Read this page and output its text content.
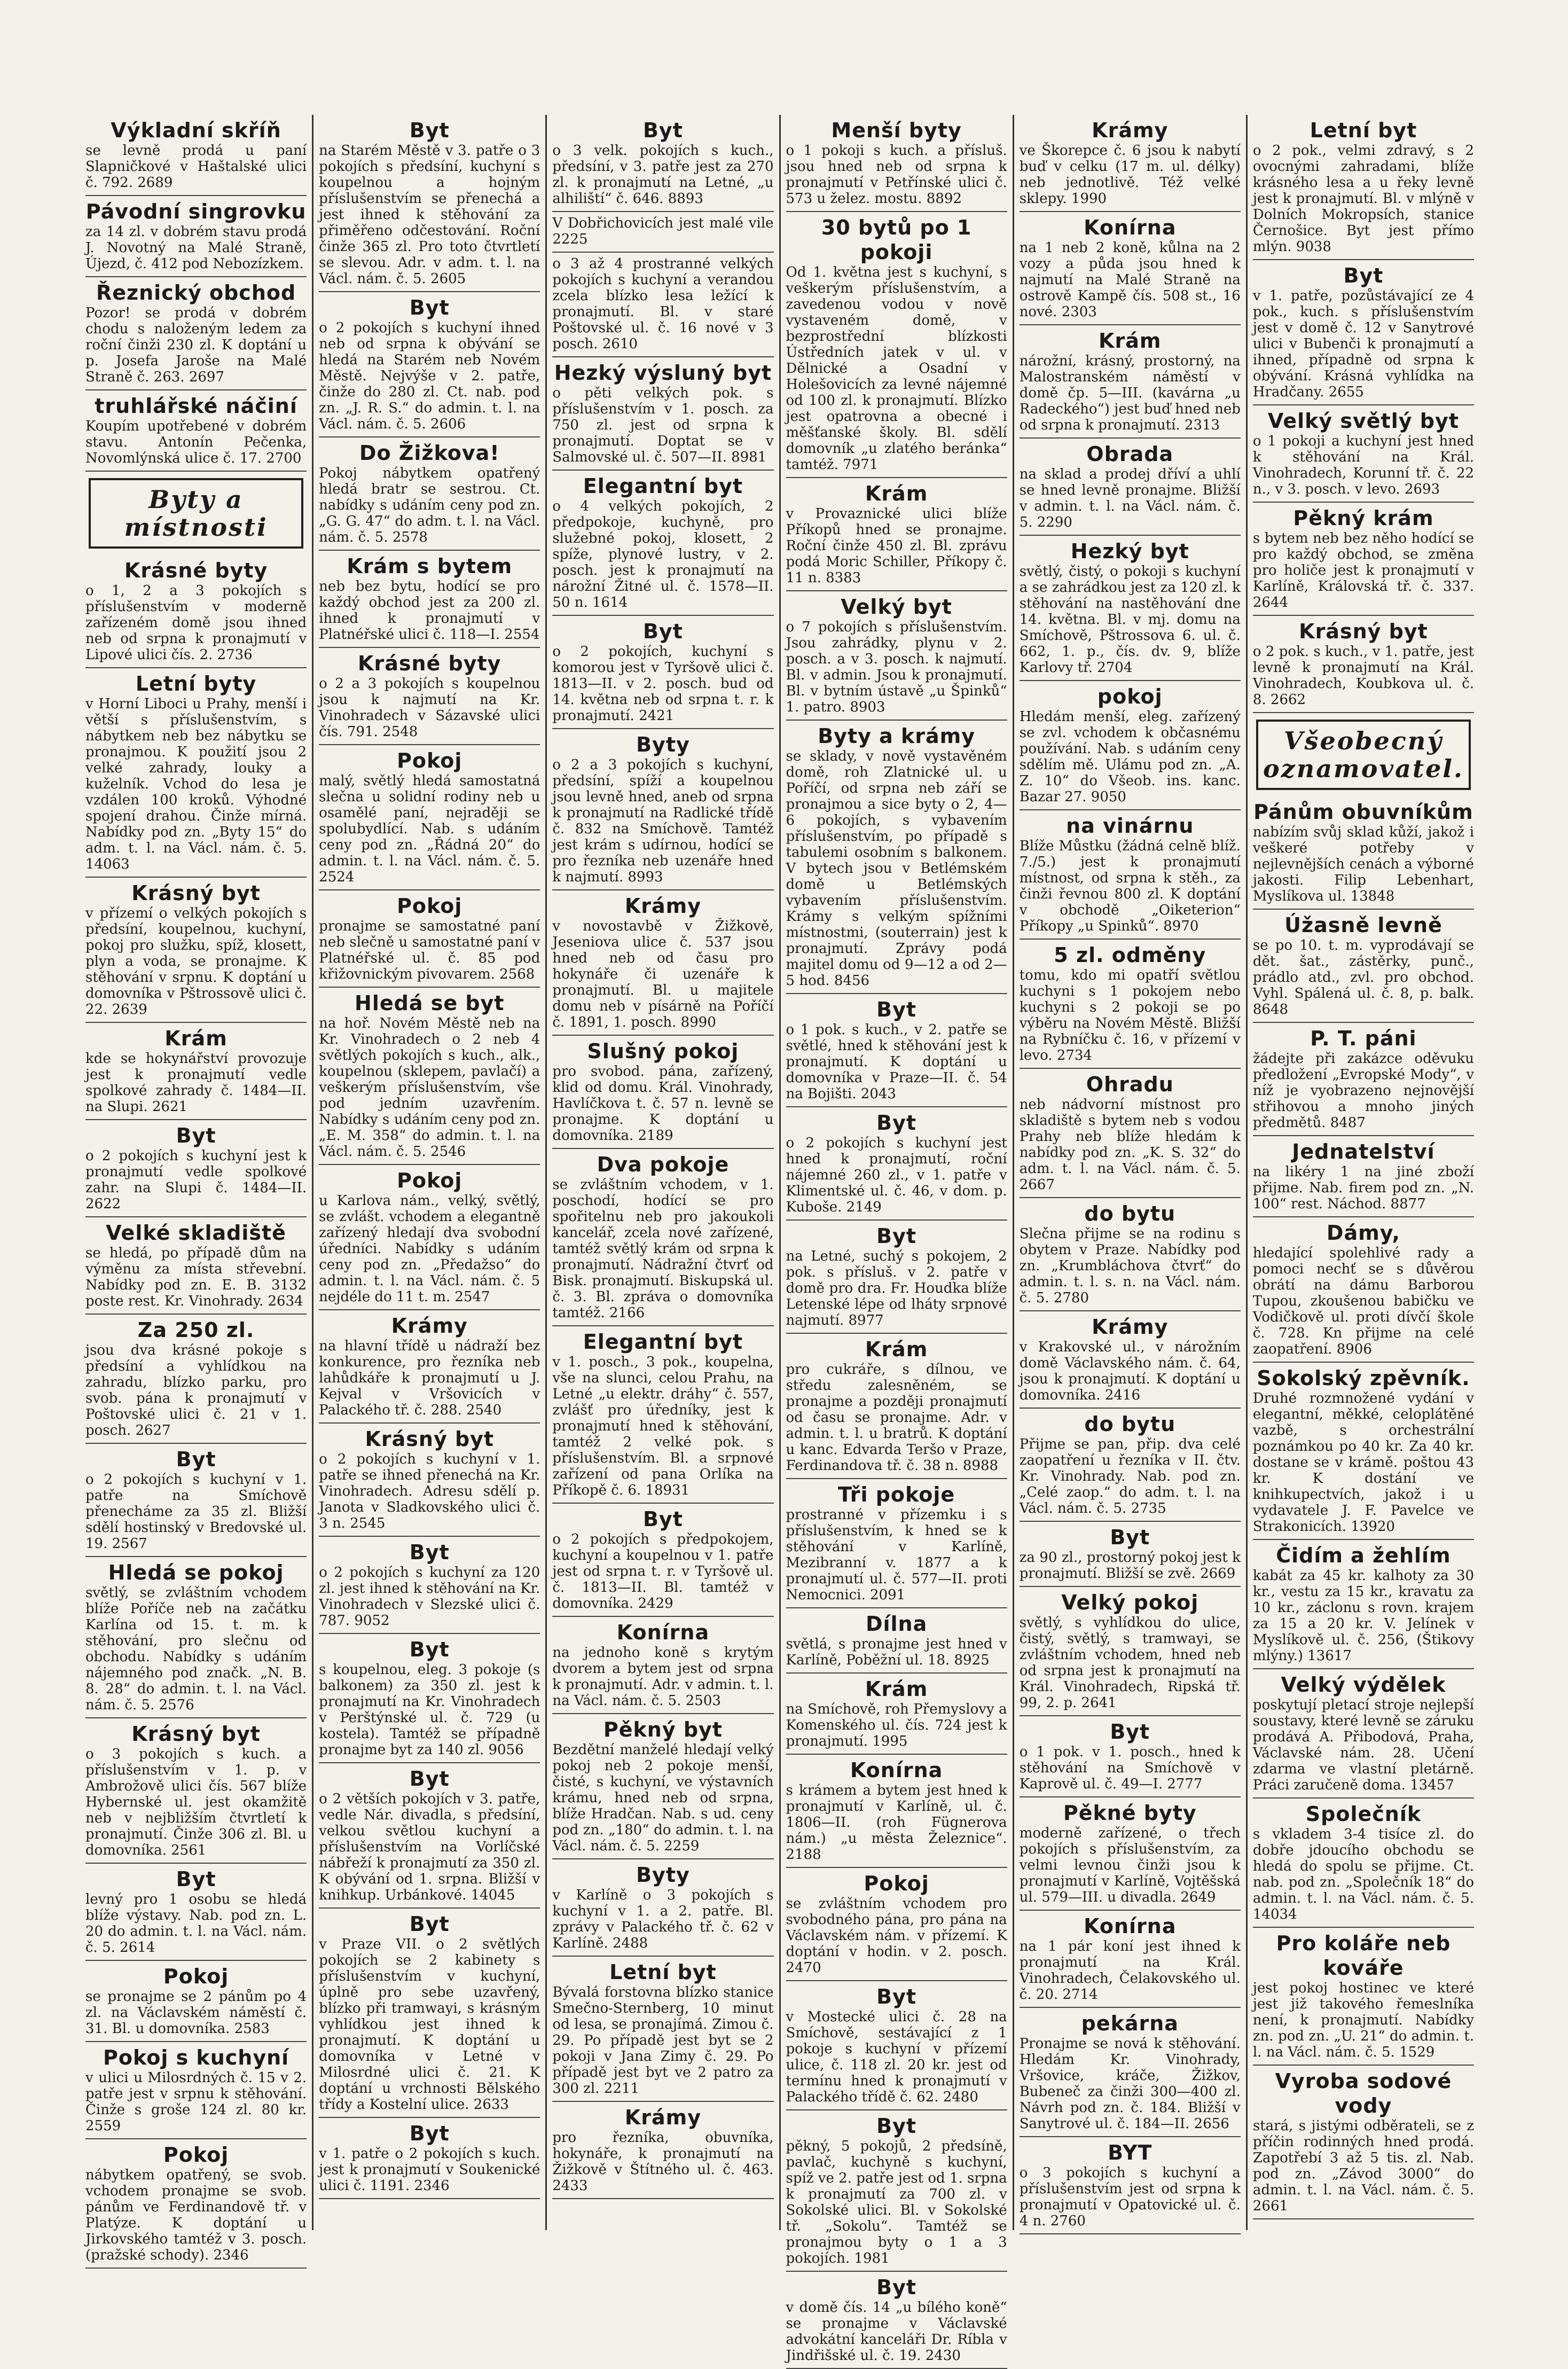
Výkladní skříň
se levně prodá u paní Slapničkové v Haštalské ulici č. 792. 2689
Pávodní singrovku
za 14 zl. v dobrém stavu prodá J. Novotný na Malé Straně, Újezd, č. 412 pod Nebozízkem.
Řeznický obchod
Pozor! se prodá v dobrém chodu s naloženým ledem za roční činži 230 zl. K doptání u p. Josefa Jaroše na Malé Straně č. 263. 2697
truhlářské náčiní
Koupím upotřebené v dobrém stavu. Antonín Pečenka, Novomlýnská ulice č. 17. 2700
Byty a místnosti
Krásné byty
o 1, 2 a 3 pokojích s příslušenstvím v moderně zařízeném domě jsou ihned neb od srpna k pronajmutí v Lipové ulici čís. 2. 2736
Letní byty
v Horní Liboci u Prahy, menší i větší s příslušenstvím, s nábytkem neb bez nábytku se pronajmou. K použití jsou 2 velké zahrady, louky a kuželník. Vchod do lesa je vzdálen 100 kroků. Výhodné spojení drahou. Činže mírná. Nabídky pod zn. „Byty 15“ do adm. t. l. na Václ. nám. č. 5. 14063
Krásný byt
v přízemí o velkých pokojích s předsíní, koupelnou, kuchyní, pokoj pro služku, spíž, klosett, plyn a voda, se pronajme. K stěhování v srpnu. K doptání u domovníka v Pštrossově ulici č. 22. 2639
Krám
kde se hokynářství provozuje jest k pronajmutí vedle spolkové zahrady č. 1484—II. na Slupi. 2621
Byt
o 2 pokojích s kuchyní jest k pronajmutí vedle spolkové zahr. na Slupi č. 1484—II. 2622
Velké skladiště
se hledá, po případě dům na výměnu za místa střevební. Nabídky pod zn. E. B. 3132 poste rest. Kr. Vinohrady. 2634
Za 250 zl.
jsou dva krásné pokoje s předsíní a vyhlídkou na zahradu, blízko parku, pro svob. pána k pronajmutí v Poštovské ulici č. 21 v 1. posch. 2627
Byt
o 2 pokojích s kuchyní v 1. patře na Smíchově přenecháme za 35 zl. Bližší sdělí hostinský v Bredovské ul. 19. 2567
Hledá se pokoj
světlý, se zvláštním vchodem blíže Poříče neb na začátku Karlína od 15. t. m. k stěhování, pro slečnu od obchodu. Nabídky s udáním nájemného pod značk. „N. B. 8. 28“ do admin. t. l. na Václ. nám. č. 5. 2576
Krásný byt
o 3 pokojích s kuch. a příslušenstvím v 1. p. v Ambrožově ulici čís. 567 blíže Hybernské ul. jest okamžitě neb v nejbližším čtvrtletí k pronajmutí. Činže 306 zl. Bl. u domovníka. 2561
Byt
levný pro 1 osobu se hledá blíže výstavy. Nab. pod zn. L. 20 do admin. t. l. na Václ. nám. č. 5. 2614
Pokoj
se pronajme se 2 pánům po 4 zl. na Václavském náměstí č. 31. Bl. u domovníka. 2583
Pokoj s kuchyní
v ulici u Milosrdných č. 15 v 2. patře jest v srpnu k stěhování. Činže s groše 124 zl. 80 kr. 2559
Pokoj
nábytkem opatřený, se svob. vchodem pronajme se svob. pánům ve Ferdinandově tř. v Platýze. K doptání u Jirkovského tamtéž v 3. posch. (pražské schody). 2346
Byt
na Starém Městě v 3. patře o 3 pokojích s předsíní, kuchyní s koupelnou a hojným příslušenstvím se přenechá a jest ihned k stěhování za přiměřeno odčestování. Roční činže 365 zl. Pro toto čtvrtletí se slevou. Adr. v adm. t. l. na Václ. nám. č. 5. 2605
Byt
o 2 pokojích s kuchyní ihned neb od srpna k obývání se hledá na Starém neb Novém Městě. Nejvýše v 2. patře, činže do 280 zl. Ct. nab. pod zn. „J. R. S.“ do admin. t. l. na Václ. nám. č. 5. 2606
Do Žižkova!
Pokoj nábytkem opatřený hledá bratr se sestrou. Ct. nabídky s udáním ceny pod zn. „G. G. 47“ do adm. t. l. na Václ. nám. č. 5. 2578
Krám s bytem
neb bez bytu, hodící se pro každý obchod jest za 200 zl. ihned k pronajmutí v Platnéřské ulici č. 118—I. 2554
Krásné byty
o 2 a 3 pokojích s koupelnou jsou k najmutí na Kr. Vinohradech v Sázavské ulici čís. 791. 2548
Pokoj
malý, světlý hledá samostatná slečna u solidní rodiny neb u osamělé paní, nejraději se spolubydlící. Nab. s udáním ceny pod zn. „Řádná 20“ do admin. t. l. na Václ. nám. č. 5. 2524
Pokoj
pronajme se samostatné paní neb slečně u samostatné paní v Platnéřské ul. č. 85 pod křižovnickým pivovarem. 2568
Hledá se byt
na hoř. Novém Městě neb na Kr. Vinohradech o 2 neb 4 světlých pokojích s kuch., alk., koupelnou (sklepem, pavlačí) a veškerým příslušenstvím, vše pod jedním uzavřením. Nabídky s udáním ceny pod zn. „E. M. 358“ do admin. t. l. na Václ. nám. č. 5. 2546
Pokoj
u Karlova nám., velký, světlý, se zvlášt. vchodem a elegantně zařízený hledají dva svobodní úředníci. Nabídky s udáním ceny pod zn. „Předažso“ do admin. t. l. na Václ. nám. č. 5 nejdéle do 11 t. m. 2547
Krámy
na hlavní třídě u nádraží bez konkurence, pro řezníka neb lahůdkáře k pronajmutí u J. Kejval v Vršovicích v Palackého tř. č. 288. 2540
Krásný byt
o 2 pokojích s kuchyní v 1. patře se ihned přenechá na Kr. Vinohradech. Adresu sdělí p. Janota v Sladkovského ulici č. 3 n. 2545
Byt
o 2 pokojích s kuchyní za 120 zl. jest ihned k stěhování na Kr. Vinohradech v Slezské ulici č. 787. 9052
Byt
s koupelnou, eleg. 3 pokoje (s balkonem) za 350 zl. jest k pronajmutí na Kr. Vinohradech v Perštýnské ul. č. 729 (u kostela). Tamtéž se případně pronajme byt za 140 zl. 9056
Byt
o 2 větších pokojích v 3. patře, vedle Nár. divadla, s předsíní, velkou světlou kuchyní a příslušenstvím na Vorlíčské nábřeží k pronajmutí za 350 zl. K obývání od 1. srpna. Bližší v knihkup. Urbánkové. 14045
Byt
v Praze VII. o 2 světlých pokojích se 2 kabinety s příslušenstvím v kuchyní, úplně pro sebe uzavřený, blízko při tramwayi, s krásným vyhlídkou jest ihned k pronajmutí. K doptání u domovníka v Letné v Milosrdné ulici č. 21. K doptání u vrchnosti Bělského třídy a Kostelní ulice. 2633
Byt
v 1. patře o 2 pokojích s kuch. jest k pronajmutí v Soukenické ulici č. 1191. 2346
Byt
o 3 velk. pokojích s kuch., předsíní, v 3. patře jest za 270 zl. k pronajmutí na Letné, „u alhiliští“ č. 646. 8893
V Dobřichovicích jest malé vile 2225
o 3 až 4 prostranné velkých pokojích s kuchyní a verandou zcela blízko lesa ležící k pronajmutí. Bl. v staré Poštovské ul. č. 16 nové v 3 posch. 2610
Hezký výsluný byt
o pěti velkých pok. s příslušenstvím v 1. posch. za 750 zl. jest od srpna k pronajmutí. Doptat se v Salmovské ul. č. 507—II. 8981
Elegantní byt
o 4 velkých pokojích, 2 předpokoje, kuchyně, pro služebné pokoj, klosett, 2 spíže, plynové lustry, v 2. posch. jest k pronajmutí na nárožní Žitné ul. č. 1578—II. 50 n. 1614
Byt
o 2 pokojích, kuchyní s komorou jest v Tyršově ulici č. 1813—II. v 2. posch. bud od 14. května neb od srpna t. r. k pronajmutí. 2421
Byty
o 2 a 3 pokojích s kuchyní, předsíní, spíží a koupelnou jsou levně hned, aneb od srpna k pronajmutí na Radlické třídě č. 832 na Smíchově. Tamtéž jest krám s udírnou, hodící se pro řezníka neb uzenáře hned k najmutí. 8993
Krámy
v novostavbě v Žižkově, Jeseniova ulice č. 537 jsou hned neb od času pro hokynáře či uzenáře k pronajmutí. Bl. u majitele domu neb v písárně na Poříčí č. 1891, 1. posch. 8990
Slušný pokoj
pro svobod. pána, zařízený, klid od domu. Král. Vinohrady, Havlíčkova t. č. 57 n. levně se pronajme. K doptání u domovníka. 2189
Dva pokoje
se zvláštním vchodem, v 1. poschodí, hodící se pro spořitelnu neb pro jakoukoli kancelář, zcela nové zařízené, tamtéž světlý krám od srpna k pronajmutí. Nádražní čtvrť od Bisk. pronajmutí. Biskupská ul. č. 3. Bl. zpráva o domovníka tamtéž. 2166
Elegantní byt
v 1. posch., 3 pok., koupelna, vše na slunci, celou Prahu, na Letné „u elektr. dráhy“ č. 557, zvlášť pro úředníky, jest k pronajmutí hned k stěhování, tamtéž 2 velké pok. s příslušenstvím. Bl. a srpnové zařízení od pana Orlíka na Příkopě č. 6. 18931
Byt
o 2 pokojích s předpokojem, kuchyní a koupelnou v 1. patře jest od srpna t. r. v Tyršově ul. č. 1813—II. Bl. tamtéž v domovníka. 2429
Konírna
na jednoho koně s krytým dvorem a bytem jest od srpna k pronajmutí. Adr. v admin. t. l. na Václ. nám. č. 5. 2503
Pěkný byt
Bezdětní manželé hledají velký pokoj neb 2 pokoje menší, čisté, s kuchyní, ve výstavních krámu, hned neb od srpna, blíže Hradčan. Nab. s ud. ceny pod zn. „180“ do admin. t. l. na Václ. nám. č. 5. 2259
Byty
v Karlíně o 3 pokojích s kuchyní v 1. a 2. patře. Bl. zprávy v Palackého tř. č. 62 v Karlíně. 2488
Letní byt
Bývalá forstovna blízko stanice Smečno-Sternberg, 10 minut od lesa, se pronajímá. Zimou č. 29. Po případě jest byt se 2 pokoji v Jana Zimy č. 29. Po případě jest byt ve 2 patro za 300 zl. 2211
Krámy
pro řezníka, obuvníka, hokynáře, k pronajmutí na Žižkově v Štítného ul. č. 463. 2433
Menší byty
o 1 pokoji s kuch. a přísluš. jsou hned neb od srpna k pronajmutí v Petřínské ulici č. 573 u želez. mostu. 8892
30 bytů po 1 pokoji
Od 1. května jest s kuchyní, s veškerým příslušenstvím, a zavedenou vodou v nově vystaveném domě, v bezprostřední blízkosti Ústředních jatek v ul. v Dělnické a Osadní v Holešovicích za levné nájemné od 100 zl. k pronajmutí. Blízko jest opatrovna a obecné i měšťanské školy. Bl. sdělí domovník „u zlatého beránka“ tamtéž. 7971
Krám
v Provaznické ulici blíže Příkopů hned se pronajme. Roční činže 450 zl. Bl. zprávu podá Moric Schiller, Příkopy č. 11 n. 8383
Velký byt
o 7 pokojích s příslušenstvím. Jsou zahrádky, plynu v 2. posch. a v 3. posch. k najmutí. Bl. v admin. Jsou k pronajmutí. Bl. v bytním ústavě „u Špinků“ 1. patro. 8903
Byty a krámy
se sklady, v nově vystavěném domě, roh Zlatnické ul. u Poříčí, od srpna neb září se pronajmou a sice byty o 2, 4—6 pokojích, s vybavením příslušenstvím, po případě s tabulemi osobním s balkonem. V bytech jsou v Betlémském domě u Betlémských vybavením příslušenstvím. Krámy s velkým spížními místnostmi, (souterrain) jest k pronajmutí. Zprávy podá majitel domu od 9—12 a od 2—5 hod. 8456
Byt
o 1 pok. s kuch., v 2. patře se světlé, hned k stěhování jest k pronajmutí. K doptání u domovníka v Praze—II. č. 54 na Bojišti. 2043
Byt
o 2 pokojích s kuchyní jest hned k pronajmutí, roční nájemné 260 zl., v 1. patře v Klimentské ul. č. 46, v dom. p. Kuboše. 2149
Byt
na Letné, suchý s pokojem, 2 pok. s přísluš. v 2. patře v domě pro dra. Fr. Houdka blíže Letenské lépe od lháty srpnové najmutí. 8977
Krám
pro cukráře, s dílnou, ve středu zalesněném, se pronajme a později pronajmutí od času se pronajme. Adr. v admin. t. l. u bratrů. K doptání u kanc. Edvarda Teršo v Praze, Ferdinandova tř. č. 38 n. 8988
Tři pokoje
prostranné v přízemku i s příslušenstvím, k hned se k stěhování v Karlíně, Mezibranní v. 1877 a k pronajmutí ul. č. 577—II. proti Nemocnici. 2091
Dílna
světlá, s pronajme jest hned v Karlíně, Poběžní ul. 18. 8925
Krám
na Smíchově, roh Přemyslovy a Komenského ul. čís. 724 jest k pronajmutí. 1995
Konírna
s krámem a bytem jest hned k pronajmutí v Karlíně, ul. č. 1806—II. (roh Fügnerova nám.) „u města Železnice“. 2188
Pokoj
se zvláštním vchodem pro svobodného pána, pro pána na Václavském nám. v přízemí. K doptání v hodin. v 2. posch. 2470
Byt
v Mostecké ulici č. 28 na Smíchově, sestávající z 1 pokoje s kuchyní v přízemí ulice, č. 118 zl. 20 kr. jest od termínu hned k pronajmutí v Palackého třídě č. 62. 2480
Byt
pěkný, 5 pokojů, 2 předsíně, pavlač, kuchyně s kuchyní, spíž ve 2. patře jest od 1. srpna k pronajmutí za 700 zl. v Sokolské ulici. Bl. v Sokolské tř. „Sokolu“. Tamtéž se pronajmou byty o 1 a 3 pokojích. 1981
Byt
v domě čís. 14 „u bílého koně“ se pronajme v Václavské advokátní kanceláři Dr. Ríbla v Jindřišské ul. č. 19. 2430
Krámy
ve Škorepce č. 6 jsou k nabytí buď v celku (17 m. ul. délky) neb jednotlivě. Též velké sklepy. 1990
Konírna
na 1 neb 2 koně, kůlna na 2 vozy a půda jsou hned k najmutí na Malé Straně na ostrově Kampě čís. 508 st., 16 nové. 2303
Krám
nárožní, krásný, prostorný, na Malostranském náměstí v domě čp. 5—III. (kavárna „u Radeckého“) jest buď hned neb od srpna k pronajmutí. 2313
Obrada
na sklad a prodej dříví a uhlí se hned levně pronajme. Bližší v admin. t. l. na Václ. nám. č. 5. 2290
Hezký byt
světlý, čistý, o pokoji s kuchyní a se zahrádkou jest za 120 zl. k stěhování na nastěhování dne 14. května. Bl. v mj. domu na Smíchově, Pštrossova 6. ul. č. 662, 1. p., čís. dv. 9, blíže Karlovy tř. 2704
pokoj
Hledám menší, eleg. zařízený se zvl. vchodem k občasnému používání. Nab. s udáním ceny sdělím mě. Ulámu pod zn. „A. Z. 10“ do Všeob. ins. kanc. Bazar 27. 9050
na vinárnu
Blíže Můstku (žádná celně blíž. 7./5.) jest k pronajmutí místnost, od srpna k stěh., za činži řevnou 800 zl. K doptání v obchodě „Oiketerion“ Příkopy „u Spinků“. 8970
5 zl. odměny
tomu, kdo mi opatří světlou kuchyni s 1 pokojem nebo kuchyni s 2 pokoji se po výběru na Novém Městě. Bližší na Rybníčku č. 16, v přízemí v levo. 2734
Ohradu
neb nádvorní místnost pro skladiště s bytem neb s vodou Prahy neb blíže hledám k nabídky pod zn. „K. S. 32“ do adm. t. l. na Václ. nám. č. 5. 2667
do bytu
Slečna přijme se na rodinu s obytem v Praze. Nabídky pod zn. „Krumbláchova čtvrť“ do admin. t. l. s. n. na Václ. nám. č. 5. 2780
Krámy
v Krakovské ul., v nárožním domě Václavského nám. č. 64, jsou k pronajmutí. K doptání u domovníka. 2416
do bytu
Přijme se pan, přip. dva celé zaopatření u řezníka v II. čtv. Kr. Vinohrady. Nab. pod zn. „Celé zaop.“ do adm. t. l. na Václ. nám. č. 5. 2735
Byt
za 90 zl., prostorný pokoj jest k pronajmutí. Bližší se zvě. 2669
Velký pokoj
světlý, s vyhlídkou do ulice, čistý, světlý, s tramwayi, se zvláštním vchodem, hned neb od srpna jest k pronajmutí na Král. Vinohradech, Ripská tř. 99, 2. p. 2641
Byt
o 1 pok. v 1. posch., hned k stěhování na Smíchově v Kaprově ul. č. 49—I. 2777
Pěkné byty
moderně zařízené, o třech pokojích s příslušenstvím, za velmi levnou činži jsou k pronajmutí v Karlíně, Vojtěšská ul. 579—III. u divadla. 2649
Konírna
na 1 pár koní jest ihned k pronajmutí na Král. Vinohradech, Čelakovského ul. č. 20. 2714
pekárna
Pronajme se nová k stěhování. Hledám Kr. Vinohrady, Vršovice, kráče, Žižkov, Bubeneč za činži 300—400 zl. Návrh pod zn. č. 184. Bližší v Sanytrové ul. č. 184—II. 2656
BYT
o 3 pokojích s kuchyní a příslušenstvím jest od srpna k pronajmutí v Opatovické ul. č. 4 n. 2760
Letní byt
o 2 pok., velmi zdravý, s 2 ovocnými zahradami, blíže krásného lesa a u řeky levně jest k pronajmutí. Bl. v mlýně v Dolních Mokropsích, stanice Černošice. Byt jest přímo mlýn. 9038
Byt
v 1. patře, pozůstávající ze 4 pok., kuch. s příslušenstvím jest v domě č. 12 v Sanytrové ulici v Bubenči k pronajmutí a ihned, případně od srpna k obývání. Krásná vyhlídka na Hradčany. 2655
Velký světlý byt
o 1 pokoji a kuchyní jest hned k stěhování na Král. Vinohradech, Korunní tř. č. 22 n., v 3. posch. v levo. 2693
Pěkný krám
s bytem neb bez něho hodící se pro každý obchod, se změna pro holiče jest k pronajmutí v Karlíně, Královská tř. č. 337. 2644
Krásný byt
o 2 pok. s kuch., v 1. patře, jest levně k pronajmutí na Král. Vinohradech, Koubkova ul. č. 8. 2662
Všeobecný oznamovatel.
Pánům obuvníkům
nabízím svůj sklad kůží, jakož i veškeré potřeby v nejlevnějších cenách a výborné jakosti. Filip Lebenhart, Myslíkova ul. 13848
Úžasně levně
se po 10. t. m. vyprodávají se dět. šat., zástěrky, punč., prádlo atd., zvl. pro obchod. Vyhl. Spálená ul. č. 8, p. balk. 8648
P. T. páni
žádejte při zakázce oděvuku předložení „Evropské Mody“, v níž je vyobrazeno nejnovější střihovou a mnoho jiných předmětů. 8487
Jednatelství
na likéry 1 na jiné zboží přijme. Nab. firem pod zn. „N. 100“ rest. Náchod. 8877
Dámy,
hledající spolehlivé rady a pomoci nechť se s důvěrou obrátí na dámu Barborou Tupou, zkoušenou babičku ve Vodičkově ul. proti dívčí škole č. 728. Kn přijme na celé zaopatření. 8906
Sokolský zpěvník.
Druhé rozmnožené vydání v elegantní, měkké, celoplátěné vazbě, s orchestrální poznámkou po 40 kr. Za 40 kr. dostane se v krámě. poštou 43 kr. K dostání ve knihkupectvích, jakož i u vydavatele J. F. Pavelce ve Strakonicích. 13920
Čidím a žehlím
kabát za 45 kr. kalhoty za 30 kr., vestu za 15 kr., kravatu za 10 kr., záclonu s rovn. krajem za 15 a 20 kr. V. Jelínek v Myslíkově ul. č. 256, (Štikovy mlýny.) 13617
Velký výdělek
poskytují pletací stroje nejlepší soustavy, které levně se záruku prodává A. Přibodová, Praha, Václavské nám. 28. Učení zdarma ve vlastní pletárně. Práci zaručeně doma. 13457
Společník
s vkladem 3-4 tisíce zl. do dobře jdoucího obchodu se hledá do spolu se přijme. Ct. nab. pod zn. „Společník 18“ do admin. t. l. na Václ. nám. č. 5. 14034
Pro koláře neb kováře
jest pokoj hostinec ve které jest již takového řemeslníka není, k pronajmutí. Nabídky zn. pod zn. „U. 21“ do admin. t. l. na Václ. nám. č. 5. 1529
Vyroba sodové vody
stará, s jistými odběrateli, se z příčin rodinných hned prodá. Zapotřebí 3 až 5 tis. zl. Nab. pod zn. „Závod 3000“ do admin. t. l. na Václ. nám. č. 5. 2661
